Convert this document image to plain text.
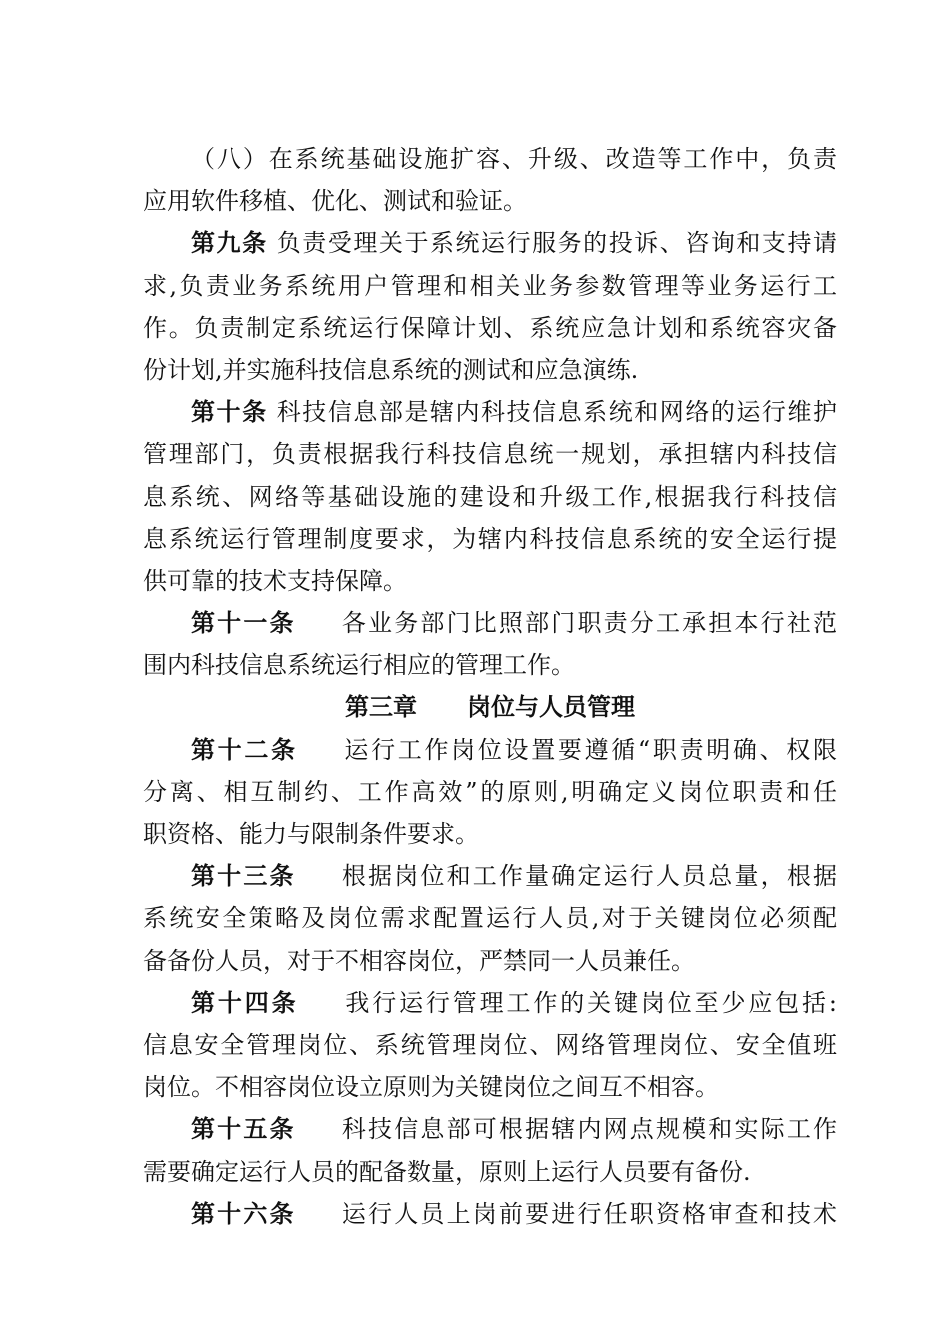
（八）在系统基础设施扩容、升级、改造等工作中，负责
应用软件移植、优化、测试和验证。
第九条 负责受理关于系统运行服务的投诉、咨询和支持请
求,负责业务系统用户管理和相关业务参数管理等业务运行工
作。负责制定系统运行保障计划、系统应急计划和系统容灾备
份计划,并实施科技信息系统的测试和应急演练.
第十条 科技信息部是辖内科技信息系统和网络的运行维护
管理部门，负责根据我行科技信息统一规划，承担辖内科技信
息系统、网络等基础设施的建设和升级工作,根据我行科技信
息系统运行管理制度要求，为辖内科技信息系统的安全运行提
供可靠的技术支持保障。
第十一条 各业务部门比照部门职责分工承担本行社范
围内科技信息系统运行相应的管理工作。
第三章 岗位与人员管理
第十二条 运行工作岗位设置要遵循“职责明确、权限
分离、相互制约、工作高效”的原则,明确定义岗位职责和任
职资格、能力与限制条件要求。
第十三条 根据岗位和工作量确定运行人员总量，根据
系统安全策略及岗位需求配置运行人员,对于关键岗位必须配
备备份人员，对于不相容岗位，严禁同一人员兼任。
第十四条 我行运行管理工作的关键岗位至少应包括:
信息安全管理岗位、系统管理岗位、网络管理岗位、安全值班
岗位。不相容岗位设立原则为关键岗位之间互不相容。
第十五条 科技信息部可根据辖内网点规模和实际工作
需要确定运行人员的配备数量，原则上运行人员要有备份.
第十六条 运行人员上岗前要进行任职资格审查和技术
